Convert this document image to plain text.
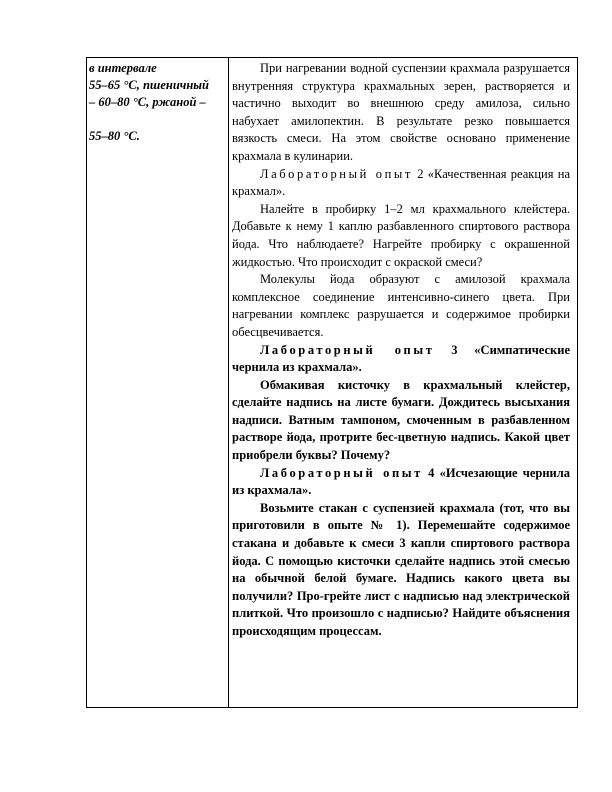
в интервале

55–65 °С, пшеничный

– 60–80 °С, ржаной –

55–80 °С.

При нагревании водной суспензии крахмала разрушается внутренняя структура крахмальных зерен, растворяется и частично выходит во внешнюю среду амилоза, сильно набухает амилопектин. В результате резко повышается вязкость смеси. На этом свойстве основано применение крахмала в кулинарии.

Лабораторный опыт 2 «Качественная реакция на крахмал».

Налейте в пробирку 1–2 мл крахмального клейстера. Добавьте к нему 1 каплю разбавленного спиртового раствора йода. Что наблюдаете? Нагрейте пробирку с окрашенной жидкостью. Что происходит с окраской смеси?

Молекулы йода образуют с амилозой крахмала комплексное соединение интенсивно-синего цвета. При нагревании комплекс разрушается и содержимое пробирки обесцвечивается.

Лабораторный опыт 3 «Симпатические чернила из крахмала».

Обмакивая кисточку в крахмальный клейстер, сделайте надпись на листе бумаги. Дождитесь высыхания надписи. Ватным тампоном, смоченным в разбавленном растворе йода, протрите бес-цветную надпись. Какой цвет приобрели буквы? Почему?

Лабораторный опыт 4 «Исчезающие чернила из крахмала».

Возьмите стакан с суспензией крахмала (тот, что вы приготовили в опыте № 1). Перемешайте содержимое стакана и добавьте к смеси 3 капли спиртового раствора йода. С помощью кисточки сделайте надпись этой смесью на обычной белой бумаге. Надпись какого цвета вы получили? Про-грейте лист с надписью над электрической плиткой. Что произошло с надписью? Найдите объяснения происходящим процессам.
